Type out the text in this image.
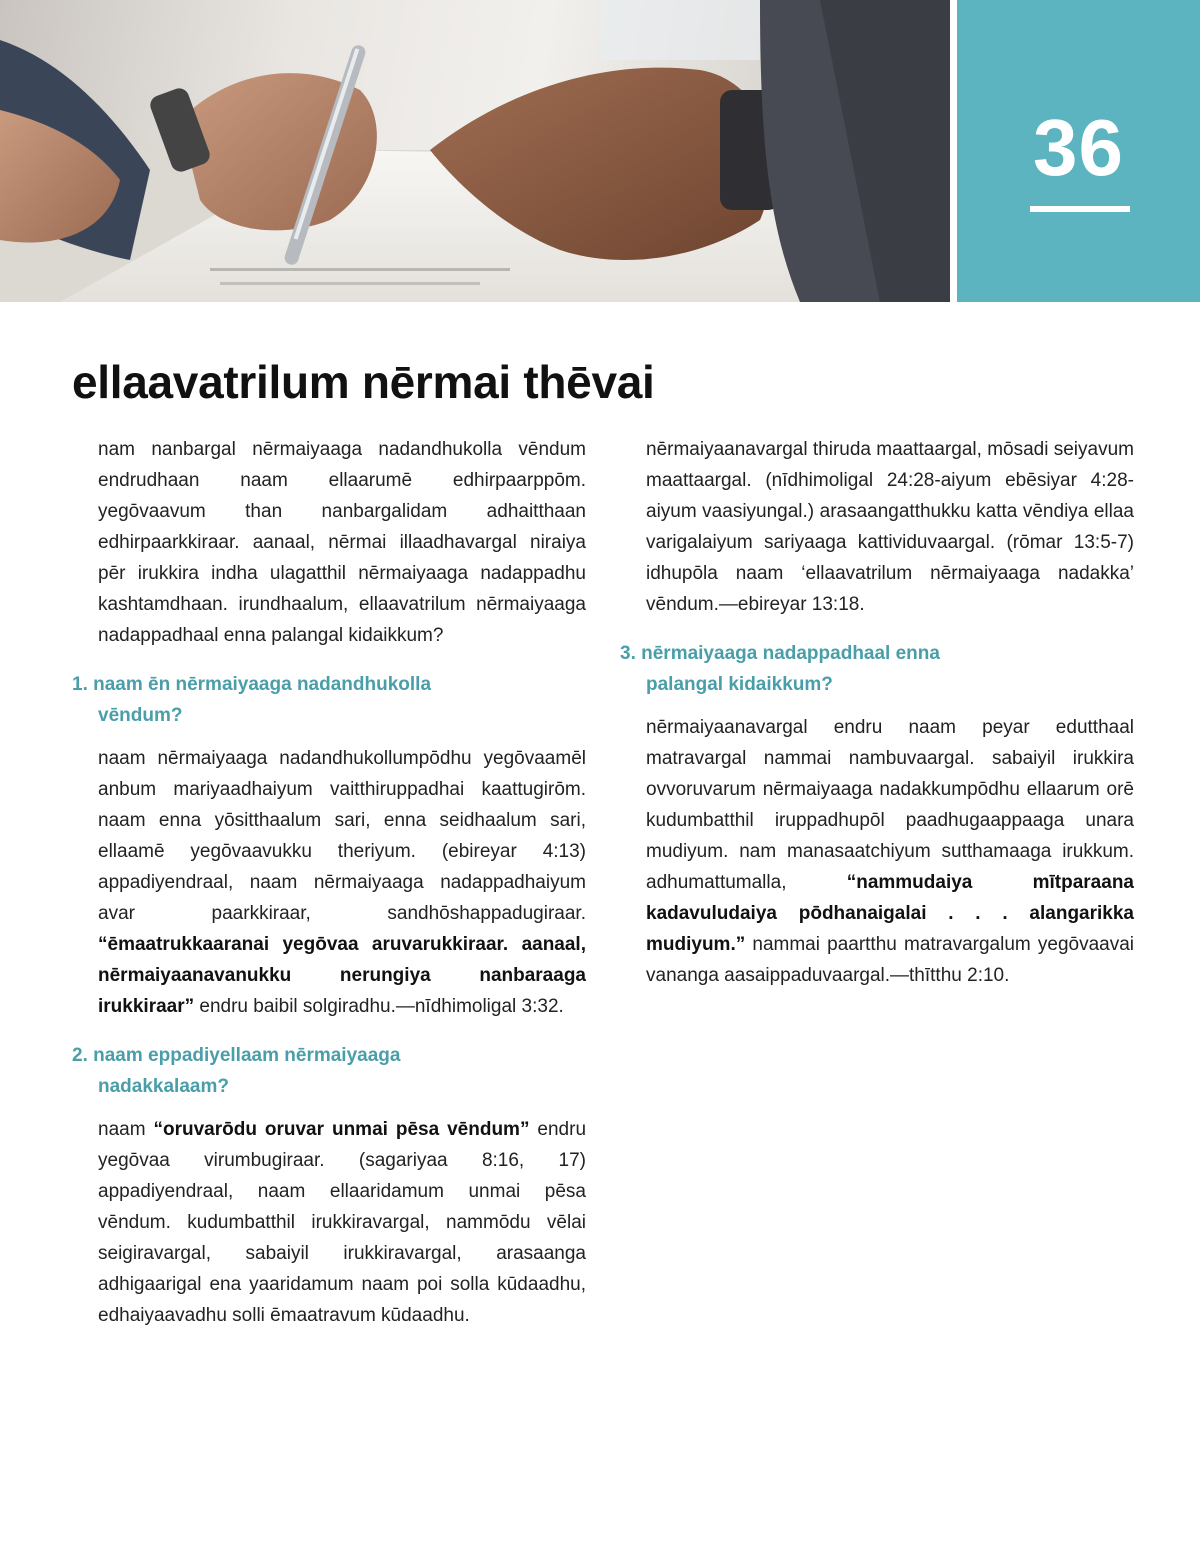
36
ellaavatrilum nērmai thēvai

nam nanbargal nērmaiyaaga nadandhukolla vēndum endrudhaan naam ellaarumē edhirpaarppōm. yegōvaavum than nanbargalidam adhaitthaan edhirpaarkkiraar. aanaal, nērmai illaadhavargal niraiya pēr irukkira indha ulagatthil nērmaiyaaga nadappadhu kashtamdhaan. irundhaalum, ellaavatrilum nērmaiyaaga nadappadhaal enna palangal kidaikkum?

1. naam ēn nērmaiyaaga nadandhukolla
vēndum?

naam nērmaiyaaga nadandhukollumpōdhu yegōvaamēl anbum mariyaadhaiyum vaitthiruppadhai kaattugirōm. naam enna yōsitthaalum sari, enna seidhaalum sari, ellaamē yegōvaavukku theriyum. (ebireyar 4:13) appadiyendraal, naam nērmaiyaaga nadappadhaiyum avar paarkkiraar, sandhōshappadugiraar. “ēmaatrukkaaranai yegōvaa aruvarukkiraar. aanaal, nērmaiyaanavanukku nerungiya nanbaraaga irukkiraar” endru baibil solgiradhu.—nīdhimoligal 3:32.

2. naam eppadiyellaam nērmaiyaaga
nadakkalaam?

naam “oruvarōdu oruvar unmai pēsa vēndum” endru yegōvaa virumbugiraar. (sagariyaa 8:16, 17) appadiyendraal, naam ellaaridamum unmai pēsa vēndum. kudumbatthil irukkiravargal, nammōdu vēlai seigiravargal, sabaiyil irukkiravargal, arasaanga adhigaarigal ena yaaridamum naam poi solla kūdaadhu, edhaiyaavadhu solli ēmaatravum kūdaadhu.

nērmaiyaanavargal thiruda maattaargal, mōsadi seiyavum maattaargal. (nīdhimoligal 24:28-aiyum ebēsiyar 4:28-aiyum vaasiyungal.) arasaangatthukku katta vēndiya ellaa varigalaiyum sariyaaga kattividuvaargal. (rōmar 13:5-7) idhupōla naam ‘ellaavatrilum nērmaiyaaga nadakka’ vēndum.—ebireyar 13:18.

3. nērmaiyaaga nadappadhaal enna
palangal kidaikkum?

nērmaiyaanavargal endru naam peyar edutthaal matravargal nammai nambuvaargal. sabaiyil irukkira ovvoruvarum nērmaiyaaga nadakkumpōdhu ellaarum orē kudumbatthil iruppadhupōl paadhugaappaaga unara mudiyum. nam manasaatchiyum sutthamaaga irukkum. adhumattumalla, “nammudaiya mītparaana kadavuludaiya pōdhanaigalai . . . alangarikka mudiyum.” nammai paartthu matravargalum yegōvaavai vananga aasaippaduvaargal.—thītthu 2:10.
